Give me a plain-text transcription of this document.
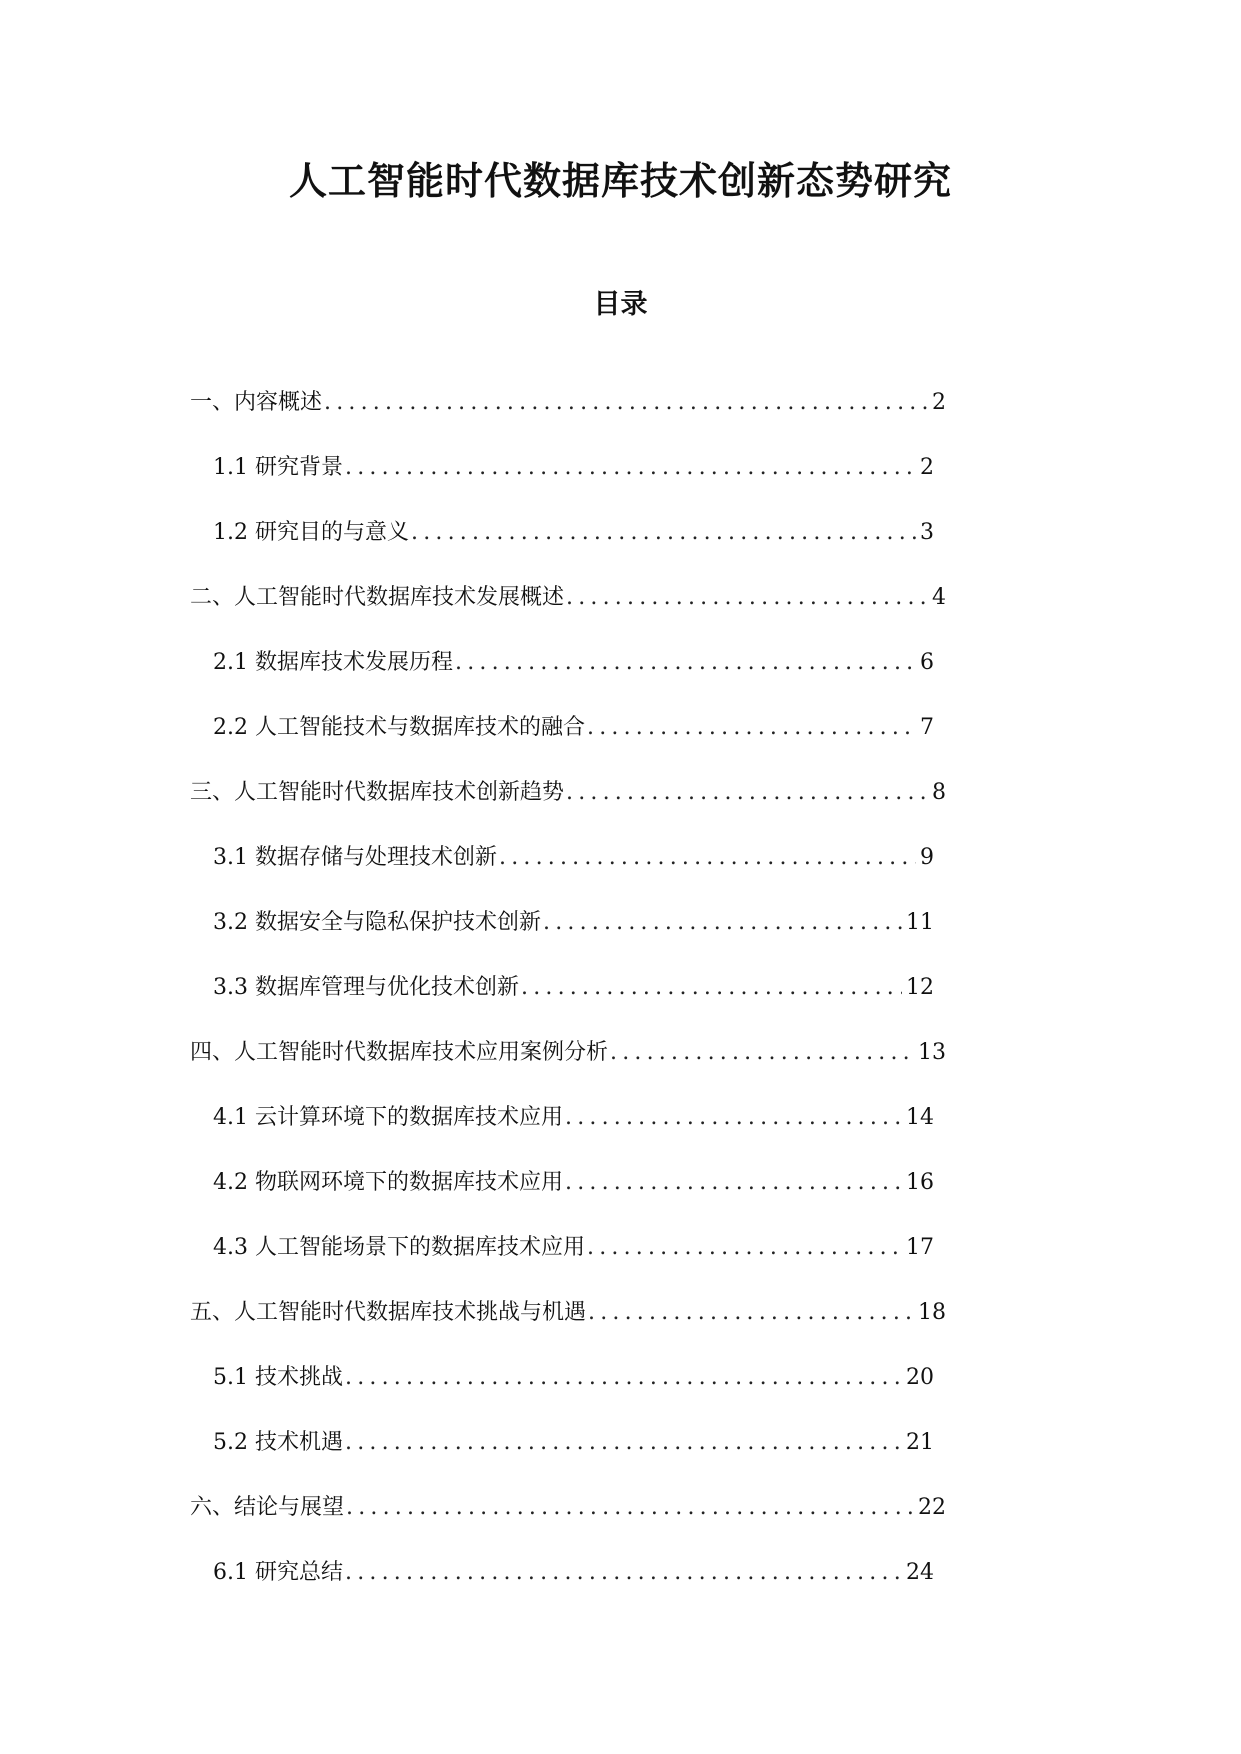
人工智能时代数据库技术创新态势研究
目录
一、 内容概述 .....	2
1.1 研究背景 .....	2
1.2 研究目的与意义 .....	3
二、 人工智能时代数据库技术发展概述 .....	4
2.1 数据库技术发展历程 .....	6
2.2 人工智能技术与数据库技术的融合 .....	7
三、 人工智能时代数据库技术创新趋势 .....	8
3.1 数据存储与处理技术创新 .....	9
3.2 数据安全与隐私保护技术创新 .....	11
3.3 数据库管理与优化技术创新 .....	12
四、 人工智能时代数据库技术应用案例分析 .....	13
4.1 云计算环境下的数据库技术应用 .....	14
4.2 物联网环境下的数据库技术应用 .....	16
4.3 人工智能场景下的数据库技术应用 .....	17
五、 人工智能时代数据库技术挑战与机遇 .....	18
5.1 技术挑战 .....	20
5.2 技术机遇 .....	21
六、 结论与展望 .....	22
6.1 研究总结 .....	24
